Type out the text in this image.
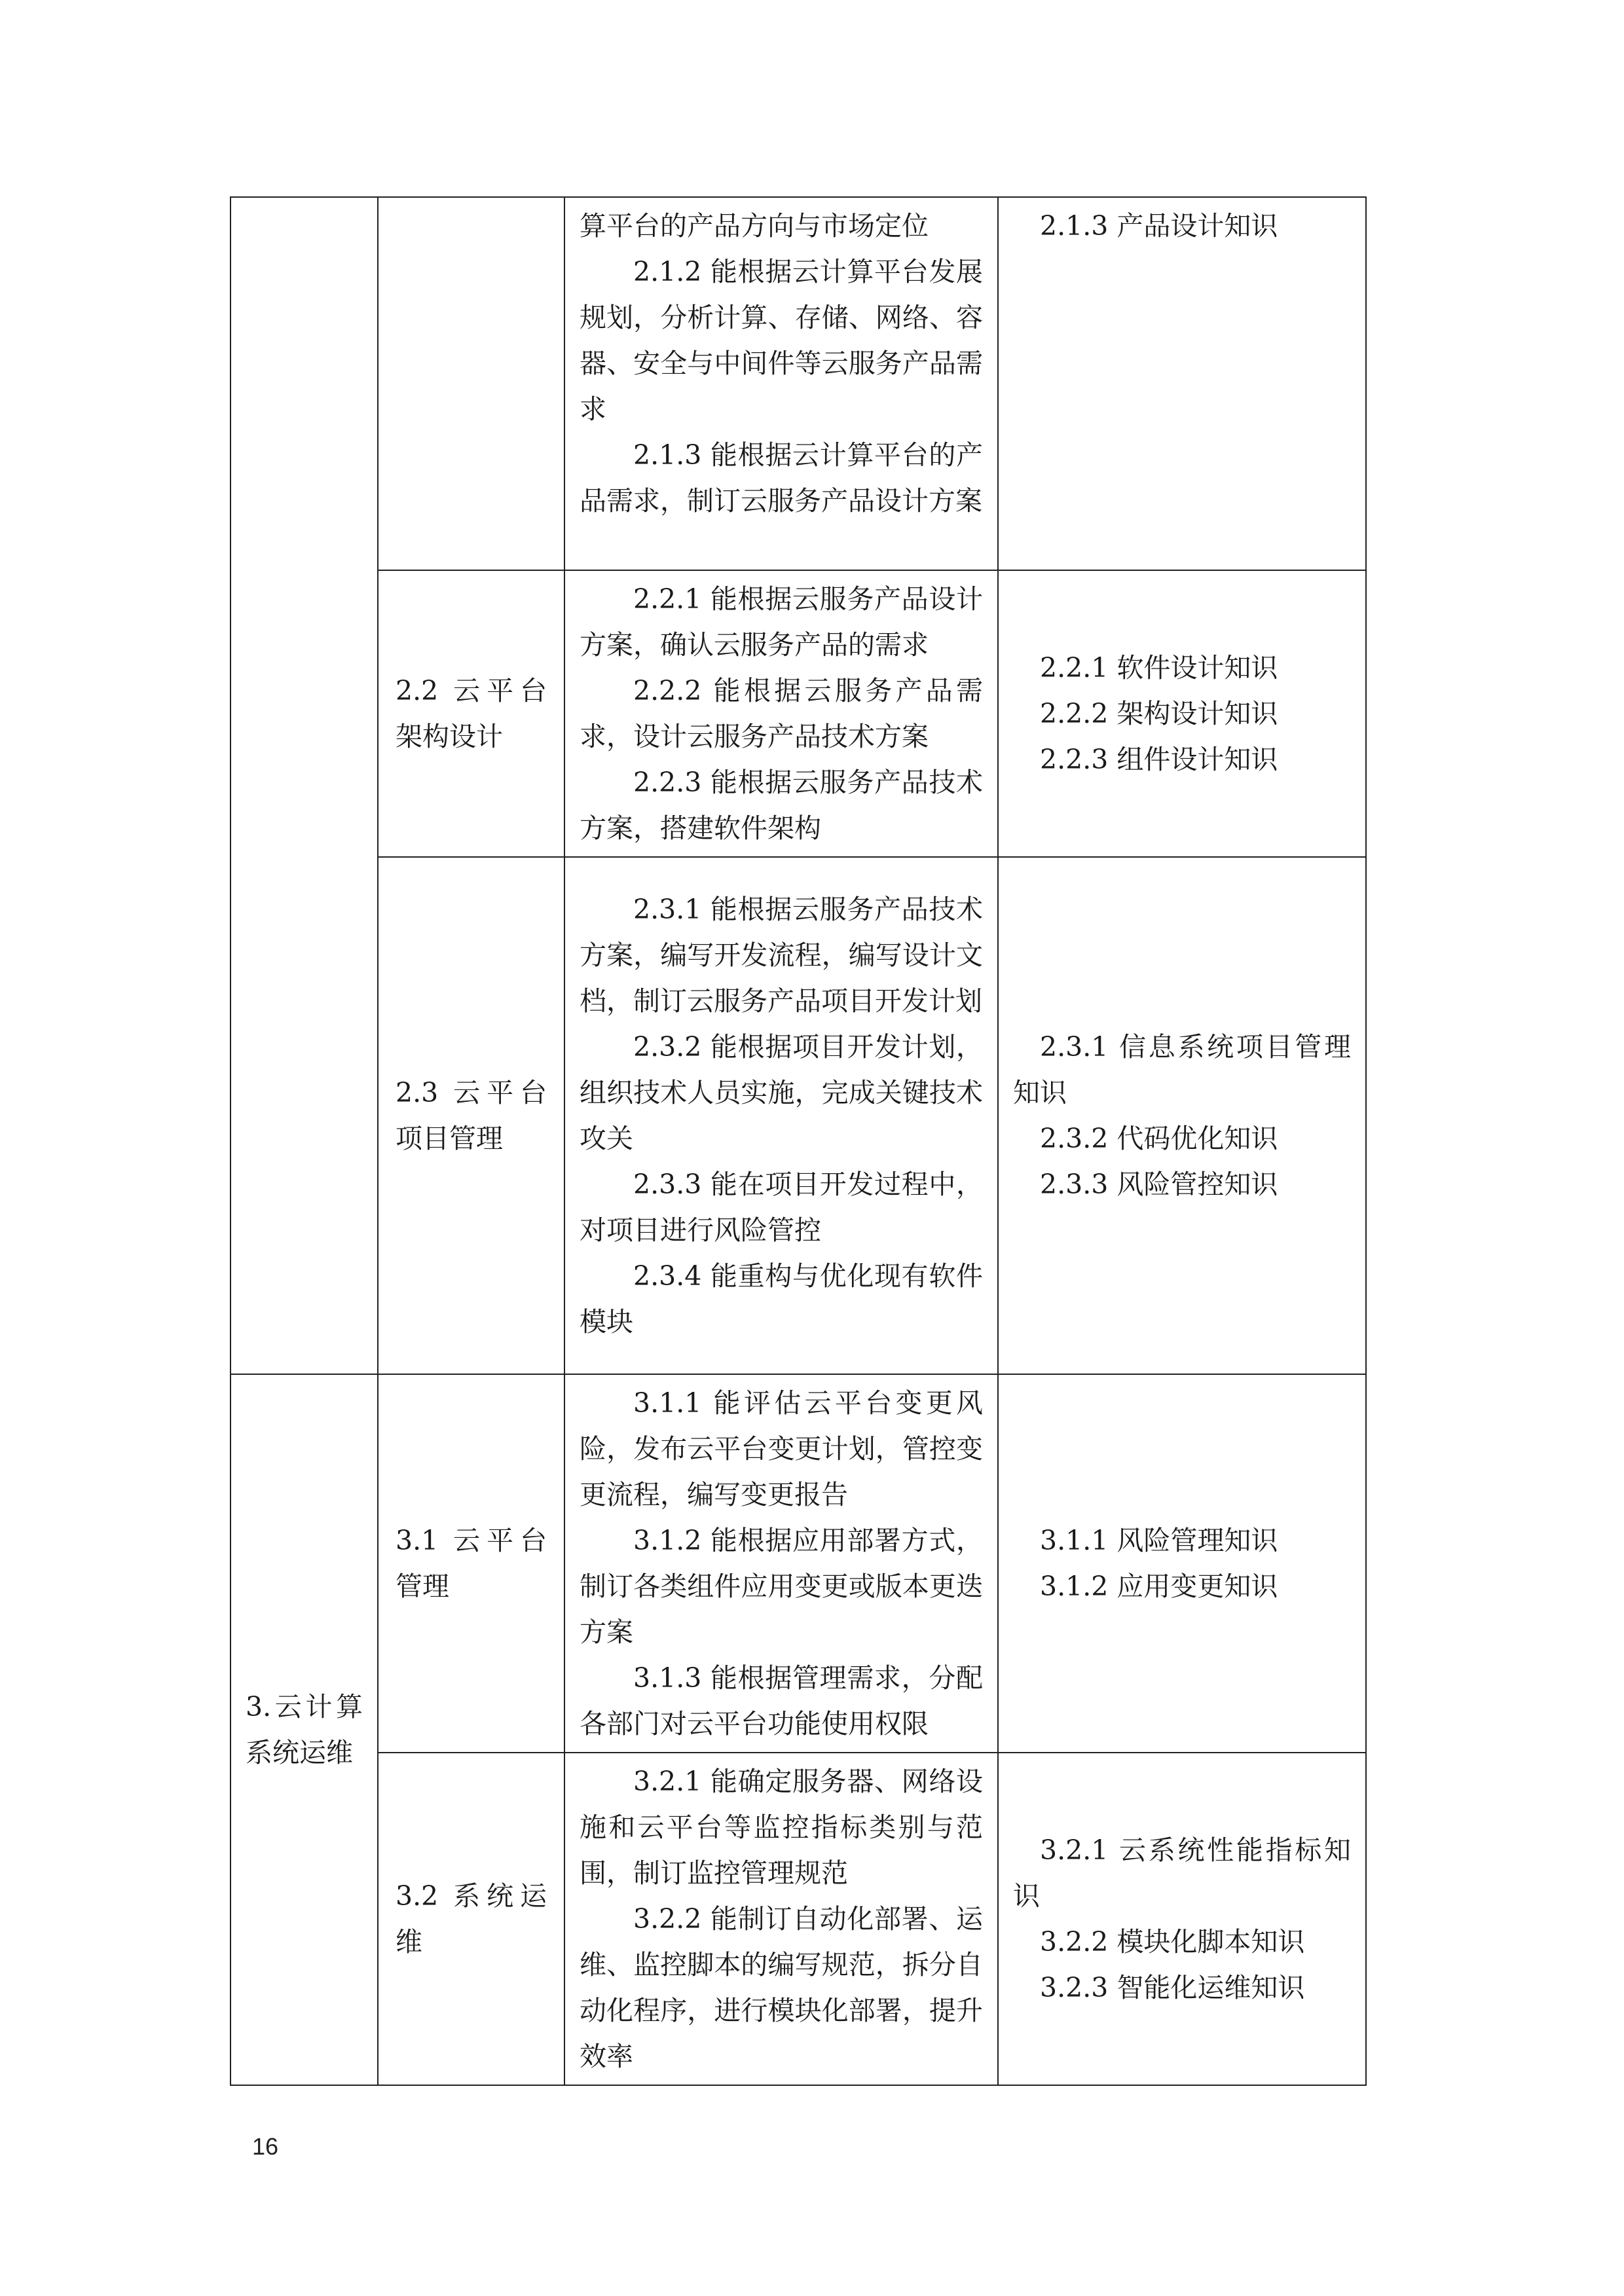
		算平台的产品方向与市场定位
2.1.2 能根据云计算平台发展规划，分析计算、存储、网络、容器、安全与中间件等云服务产品需求
2.1.3 能根据云计算平台的产品需求，制订云服务产品设计方案	2.1.3 产品设计知识

	2.2 云平台架构设计	2.2.1 能根据云服务产品设计方案，确认云服务产品的需求
2.2.2 能根据云服务产品需求，设计云服务产品技术方案
2.2.3 能根据云服务产品技术方案，搭建软件架构	2.2.1 软件设计知识
2.2.2 架构设计知识
2.2.3 组件设计知识

	2.3 云平台项目管理	2.3.1 能根据云服务产品技术方案，编写开发流程，编写设计文档，制订云服务产品项目开发计划
2.3.2 能根据项目开发计划，组织技术人员实施，完成关键技术攻关
2.3.3 能在项目开发过程中，对项目进行风险管控
2.3.4 能重构与优化现有软件模块	2.3.1 信息系统项目管理知识
2.3.2 代码优化知识
2.3.3 风险管控知识

3.云计算系统运维	3.1 云平台管理	3.1.1 能评估云平台变更风险，发布云平台变更计划，管控变更流程，编写变更报告
3.1.2 能根据应用部署方式，制订各类组件应用变更或版本更迭方案
3.1.3 能根据管理需求，分配各部门对云平台功能使用权限	3.1.1 风险管理知识
3.1.2 应用变更知识

	3.2 系统运维	3.2.1 能确定服务器、网络设施和云平台等监控指标类别与范围，制订监控管理规范
3.2.2 能制订自动化部署、运维、监控脚本的编写规范，拆分自动化程序，进行模块化部署，提升效率	3.2.1 云系统性能指标知识
3.2.2 模块化脚本知识
3.2.3 智能化运维知识
16
